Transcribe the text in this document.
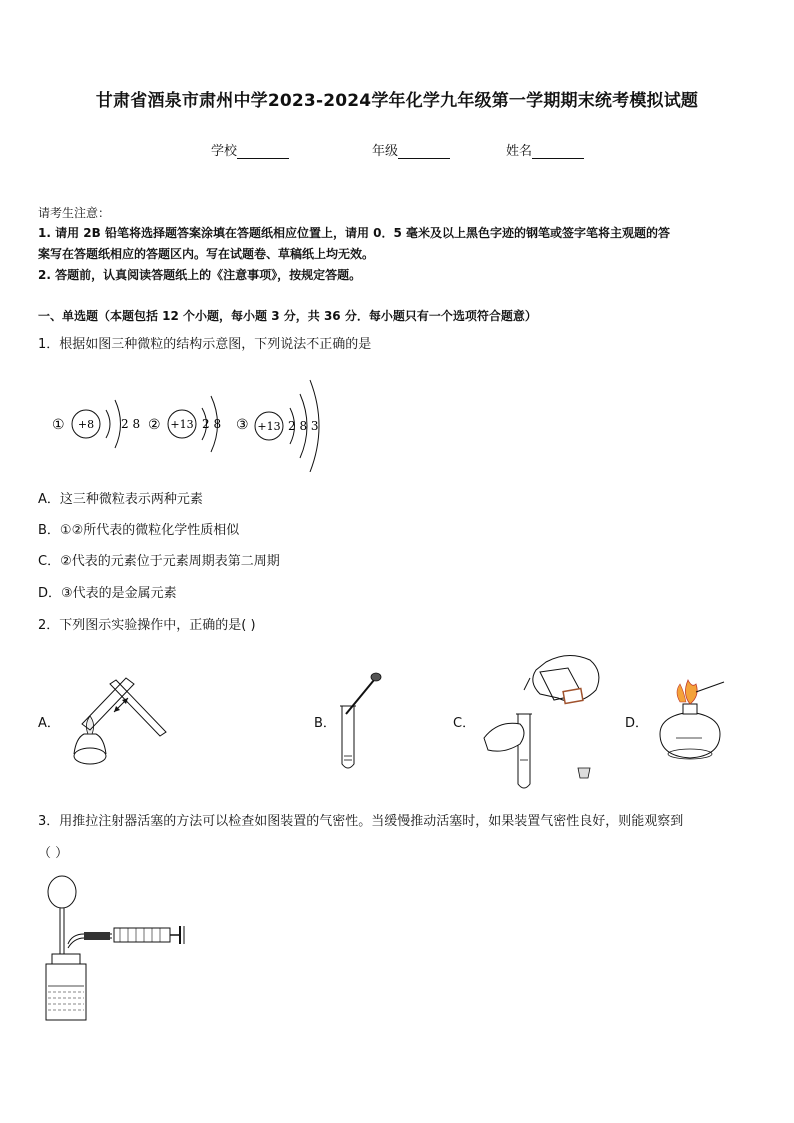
甘肃省酒泉市肃州中学2023-2024学年化学九年级第一学期期末统考模拟试题
学校	年级	姓名
请考生注意：
1. 请用 2B 铅笔将选择题答案涂填在答题纸相应位置上，请用 0．5 毫米及以上黑色字迹的钢笔或签字笔将主观题的答
案写在答题纸相应的答题区内。写在试题卷、草稿纸上均无效。
2. 答题前，认真阅读答题纸上的《注意事项》，按规定答题。
一、单选题（本题包括 12 个小题，每小题 3 分，共 36 分．每小题只有一个选项符合题意）
1．根据如图三种微粒的结构示意图，下列说法不正确的是
① +8 2 8 ② +13 2 8 ③ +13 2 8 3
A．这三种微粒表示两种元素
B．①②所代表的微粒化学性质相似
C．②代表的元素位于元素周期表第二周期
D．③代表的是金属元素
2．下列图示实验操作中，正确的是( )
A．	B．	C．	D．
3．用推拉注射器活塞的方法可以检查如图装置的气密性。当缓慢推动活塞时，如果装置气密性良好，则能观察到
（ ）
